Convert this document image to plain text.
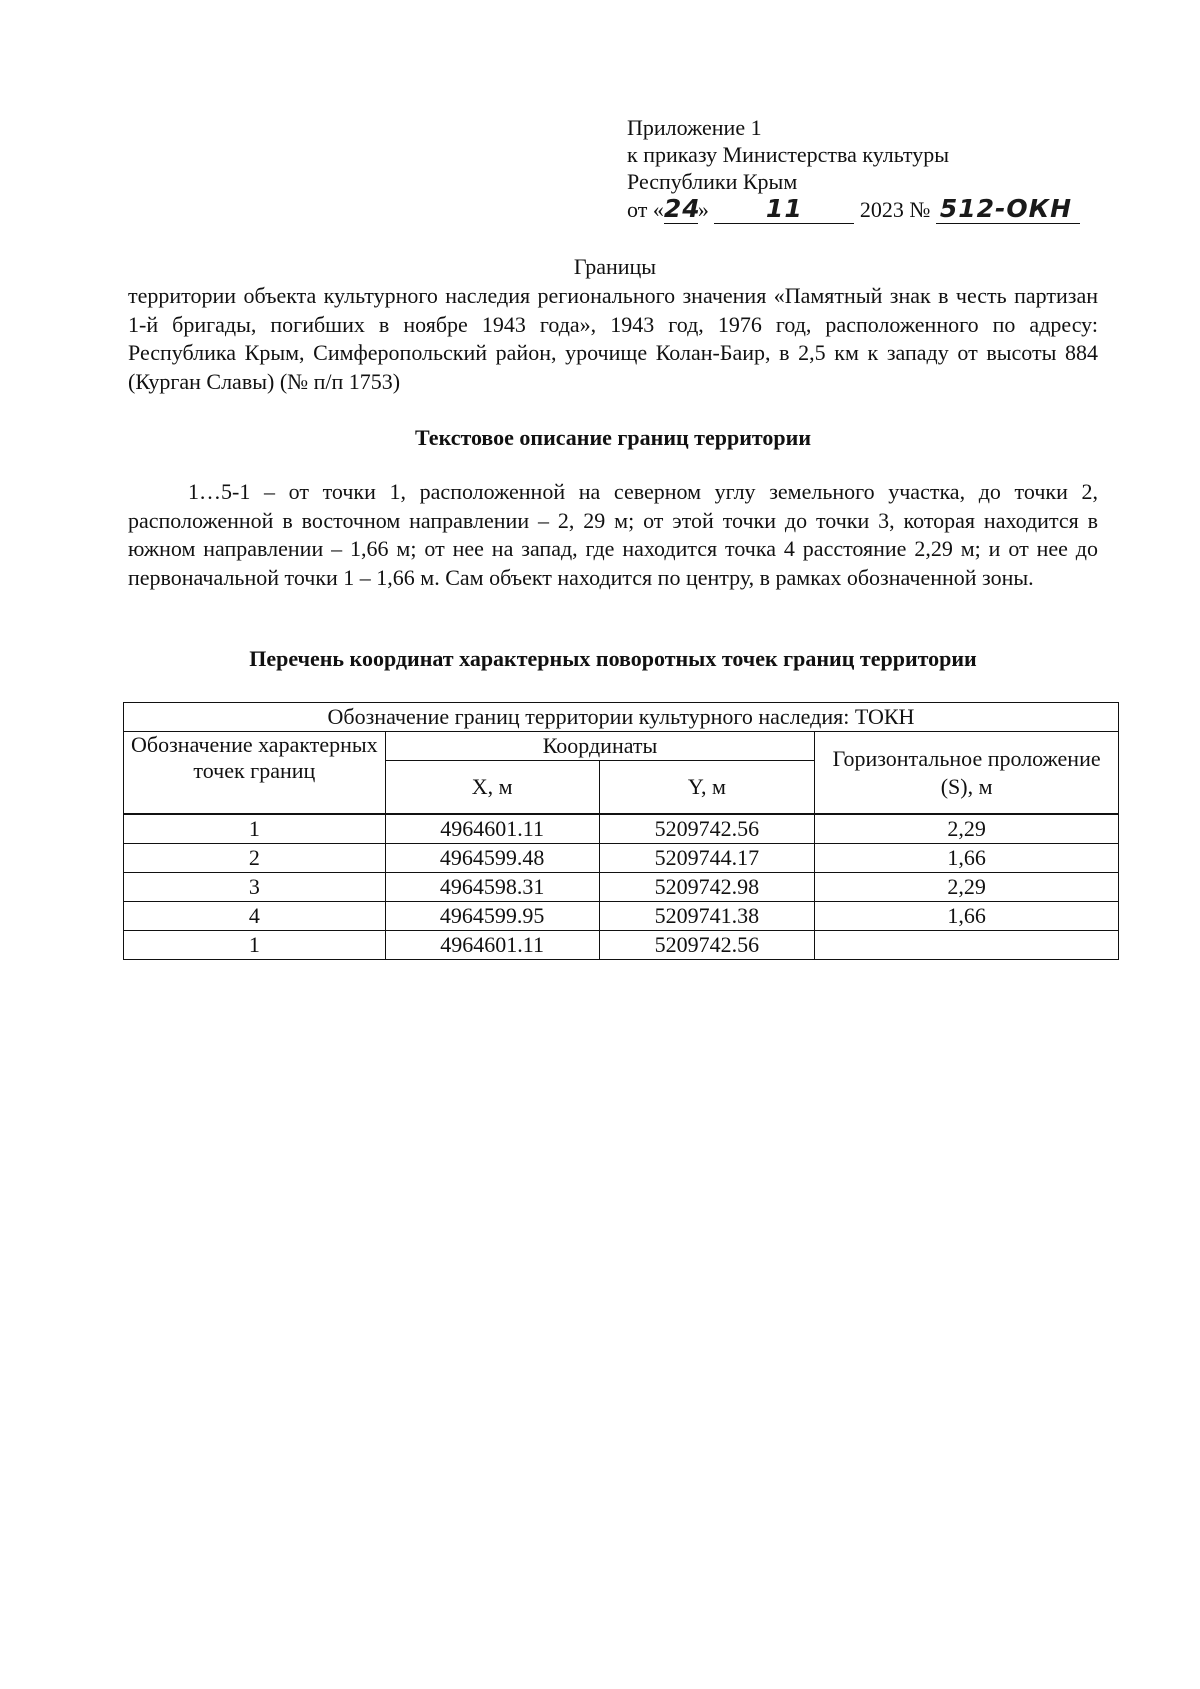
Приложение 1
к приказу Министерства культуры
Республики Крым
от «24» 11	2023 № 512-ОКН
Границы
территории объекта культурного наследия регионального значения «Памятный знак в честь партизан 1-й бригады, погибших в ноябре 1943 года», 1943 год, 1976 год, расположенного по адресу: Республика Крым, Симферопольский район, урочище Колан-Баир, в 2,5 км к западу от высоты 884 (Курган Славы) (№ п/п 1753)
Текстовое описание границ территории
1…5-1 – от точки 1, расположенной на северном углу земельного участка, до точки 2, расположенной в восточном направлении – 2, 29 м; от этой точки до точки 3, которая находится в южном направлении – 1,66 м; от нее на запад, где находится точка 4 расстояние 2,29 м; и от нее до первоначальной точки 1 – 1,66 м. Сам объект находится по центру, в рамках обозначенной зоны.
Перечень координат характерных поворотных точек границ территории
Обозначение границ территории культурного наследия: ТОКН			
Обозначение характерных точек границ	Координаты		Горизонтальное проложение (S), м
	X, м	Y, м	
1	4964601.11	5209742.56	2,29
2	4964599.48	5209744.17	1,66
3	4964598.31	5209742.98	2,29
4	4964599.95	5209741.38	1,66
1	4964601.11	5209742.56	
